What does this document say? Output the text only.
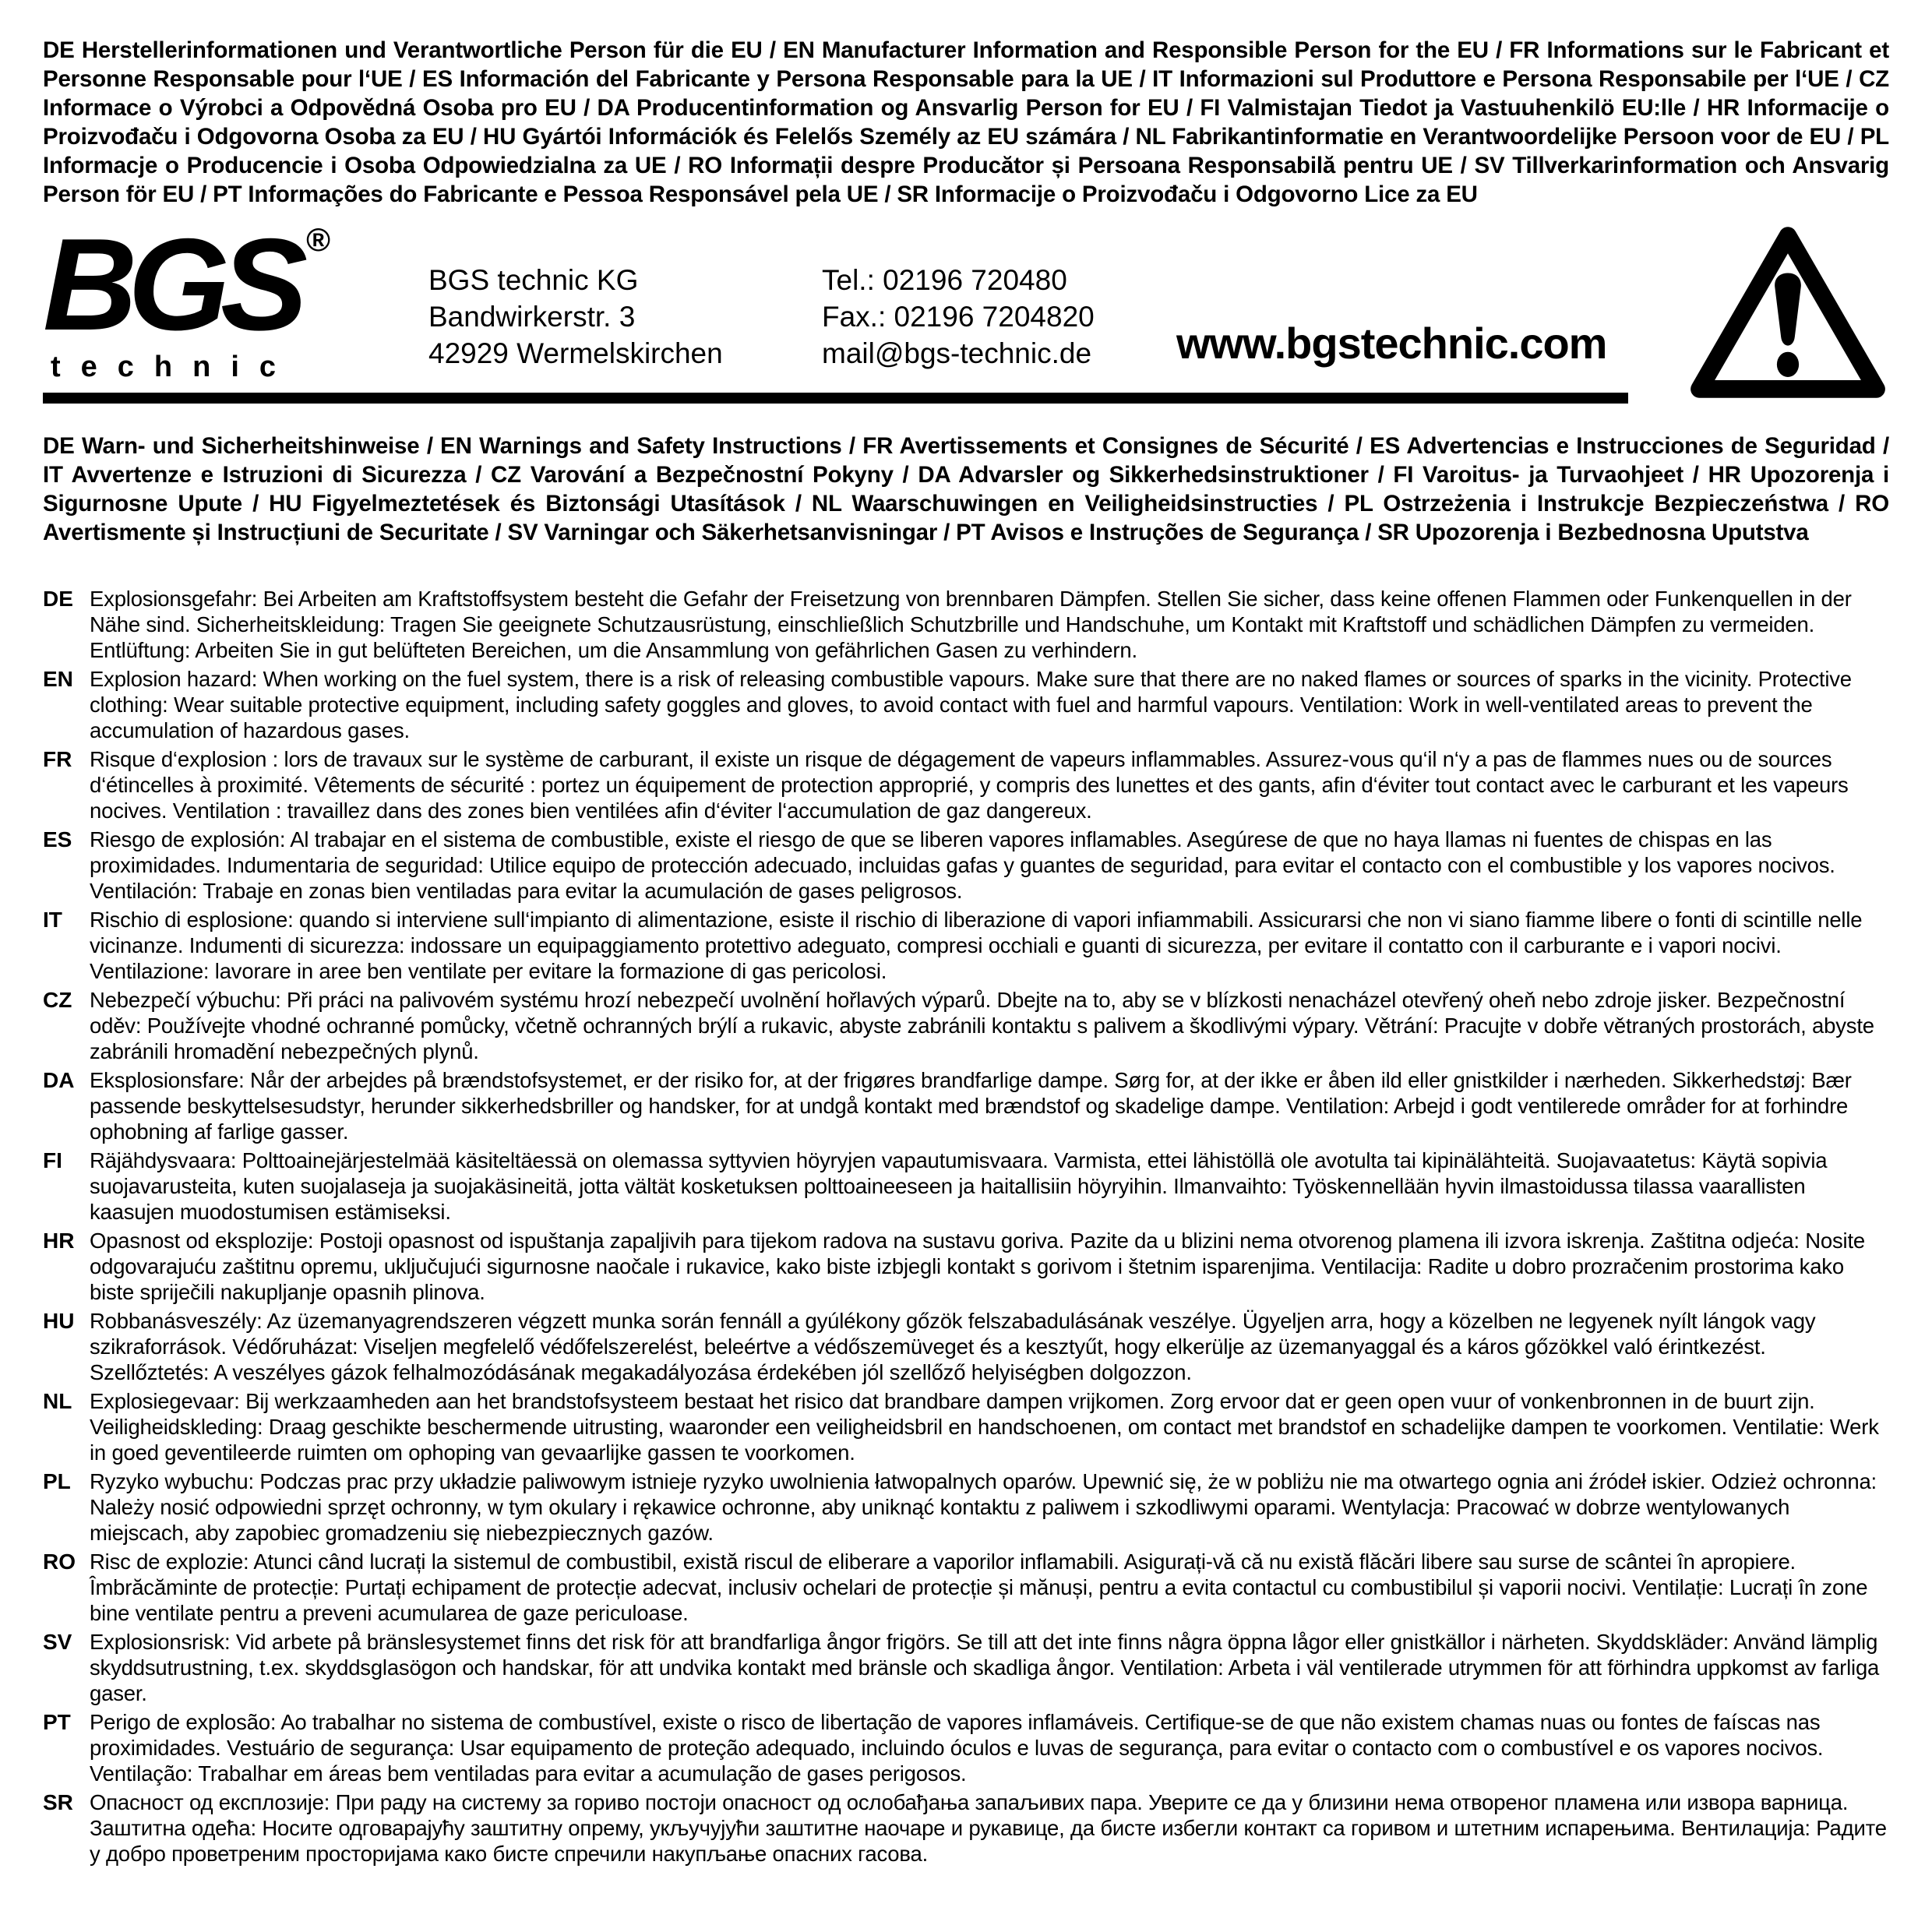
DE Herstellerinformationen und Verantwortliche Person für die EU / EN Manufacturer Information and Responsible Person for the EU / FR Informations sur le Fabricant et Personne Responsable pour l‘UE / ES Información del Fabricante y Persona Responsable para la UE / IT Informazioni sul Produttore e Persona Responsabile per l‘UE / CZ Informace o Výrobci a Odpovědná Osoba pro EU / DA Producentinformation og Ansvarlig Person for EU / FI Valmistajan Tiedot ja Vastuuhenkilö EU:lle / HR Informacije o Proizvođaču i Odgovorna Osoba za EU / HU Gyártói Információk és Felelős Személy az EU számára / NL Fabrikantinformatie en Verantwoordelijke Persoon voor de EU / PL Informacje o Producencie i Osoba Odpowiedzialna za UE / RO Informații despre Producător și Persoana Responsabilă pentru UE / SV Tillverkarinformation och Ansvarig Person för EU / PT Informações do Fabricante e Pessoa Responsável pela UE / SR Informacije o Proizvođaču i Odgovorno Lice za EU
BGS ®
technic
BGS technic KG
Bandwirkerstr. 3
42929 Wermelskirchen
Tel.: 02196 720480
Fax.: 02196 7204820
mail@bgs-technic.de www.bgstechnic.com
DE Warn- und Sicherheitshinweise / EN Warnings and Safety Instructions / FR Avertissements et Consignes de Sécurité / ES Advertencias e Instrucciones de Seguridad / IT Avvertenze e Istruzioni di Sicurezza / CZ Varování a Bezpečnostní Pokyny / DA Advarsler og Sikkerhedsinstruktioner / FI Varoitus- ja Turvaohjeet / HR Upozorenja i Sigurnosne Upute / HU Figyelmeztetések és Biztonsági Utasítások / NL Waarschuwingen en Veiligheidsinstructies / PL Ostrzeżenia i Instrukcje Bezpieczeństwa / RO Avertismente și Instrucțiuni de Securitate / SV Varningar och Säkerhetsanvisningar / PT Avisos e Instruções de Segurança / SR Upozorenja i Bezbednosna Uputstva
DE Explosionsgefahr: Bei Arbeiten am Kraftstoffsystem besteht die Gefahr der Freisetzung von brennbaren Dämpfen. Stellen Sie sicher, dass keine offenen Flammen oder Funkenquellen in der Nähe sind. Sicherheitskleidung: Tragen Sie geeignete Schutzausrüstung, einschließlich Schutzbrille und Handschuhe, um Kontakt mit Kraftstoff und schädlichen Dämpfen zu vermeiden. Entlüftung: Arbeiten Sie in gut belüfteten Bereichen, um die Ansammlung von gefährlichen Gasen zu verhindern.
EN Explosion hazard: When working on the fuel system, there is a risk of releasing combustible vapours. Make sure that there are no naked flames or sources of sparks in the vicinity. Protective clothing: Wear suitable protective equipment, including safety goggles and gloves, to avoid contact with fuel and harmful vapours. Ventilation: Work in well-ventilated areas to prevent the accumulation of hazardous gases.
FR Risque d‘explosion : lors de travaux sur le système de carburant, il existe un risque de dégagement de vapeurs inflammables. Assurez-vous qu‘il n‘y a pas de flammes nues ou de sources d‘étincelles à proximité. Vêtements de sécurité : portez un équipement de protection approprié, y compris des lunettes et des gants, afin d‘éviter tout contact avec le carburant et les vapeurs nocives. Ventilation : travaillez dans des zones bien ventilées afin d‘éviter l‘accumulation de gaz dangereux.
ES Riesgo de explosión: Al trabajar en el sistema de combustible, existe el riesgo de que se liberen vapores inflamables. Asegúrese de que no haya llamas ni fuentes de chispas en las proximidades. Indumentaria de seguridad: Utilice equipo de protección adecuado, incluidas gafas y guantes de seguridad, para evitar el contacto con el combustible y los vapores nocivos. Ventilación: Trabaje en zonas bien ventiladas para evitar la acumulación de gases peligrosos.
IT	Rischio di esplosione: quando si interviene sull‘impianto di alimentazione, esiste il rischio di liberazione di vapori infiammabili. Assicurarsi che non vi siano fiamme libere o fonti di scintille nelle vicinanze. Indumenti di sicurezza: indossare un equipaggiamento protettivo adeguato, compresi occhiali e guanti di sicurezza, per evitare il contatto con il carburante e i vapori nocivi. Ventilazione: lavorare in aree ben ventilate per evitare la formazione di gas pericolosi.
CZ Nebezpečí výbuchu: Při práci na palivovém systému hrozí nebezpečí uvolnění hořlavých výparů. Dbejte na to, aby se v blízkosti nenacházel otevřený oheň nebo zdroje jisker. Bezpečnostní oděv: Používejte vhodné ochranné pomůcky, včetně ochranných brýlí a rukavic, abyste zabránili kontaktu s palivem a škodlivými výpary. Větrání: Pracujte v dobře větraných prostorách, abyste zabránili hromadění nebezpečných plynů.
DA Eksplosionsfare: Når der arbejdes på brændstofsystemet, er der risiko for, at der frigøres brandfarlige dampe. Sørg for, at der ikke er åben ild eller gnistkilder i nærheden. Sikkerhedstøj: Bær passende beskyttelsesudstyr, herunder sikkerhedsbriller og handsker, for at undgå kontakt med brændstof og skadelige dampe. Ventilation: Arbejd i godt ventilerede områder for at forhindre ophobning af farlige gasser.
FI	Räjähdysvaara: Polttoainejärjestelmää käsiteltäessä on olemassa syttyvien höyryjen vapautumisvaara. Varmista, ettei lähistöllä ole avotulta tai kipinälähteitä. Suojavaatetus: Käytä sopivia suojavarusteita, kuten suojalaseja ja suojakäsineitä, jotta vältät kosketuksen polttoaineeseen ja haitallisiin höyryihin. Ilmanvaihto: Työskennellään hyvin ilmastoidussa tilassa vaarallisten kaasujen muodostumisen estämiseksi.
HR Opasnost od eksplozije: Postoji opasnost od ispuštanja zapaljivih para tijekom radova na sustavu goriva. Pazite da u blizini nema otvorenog plamena ili izvora iskrenja. Zaštitna odjeća: Nosite odgovarajuću zaštitnu opremu, uključujući sigurnosne naočale i rukavice, kako biste izbjegli kontakt s gorivom i štetnim isparenjima. Ventilacija: Radite u dobro prozračenim prostorima kako biste spriječili nakupljanje opasnih plinova.
HU Robbanásveszély: Az üzemanyagrendszeren végzett munka során fennáll a gyúlékony gőzök felszabadulásának veszélye. Ügyeljen arra, hogy a közelben ne legyenek nyílt lángok vagy szikraforrások. Védőruházat: Viseljen megfelelő védőfelszerelést, beleértve a védőszemüveget és a kesztyűt, hogy elkerülje az üzemanyaggal és a káros gőzökkel való érintkezést. Szellőztetés: A veszélyes gázok felhalmozódásának megakadályozása érdekében jól szellőző helyiségben dolgozzon.
NL Explosiegevaar: Bij werkzaamheden aan het brandstofsysteem bestaat het risico dat brandbare dampen vrijkomen. Zorg ervoor dat er geen open vuur of vonkenbronnen in de buurt zijn. Veiligheidskleding: Draag geschikte beschermende uitrusting, waaronder een veiligheidsbril en handschoenen, om contact met brandstof en schadelijke dampen te voorkomen. Ventilatie: Werk in goed geventileerde ruimten om ophoping van gevaarlijke gassen te voorkomen.
PL Ryzyko wybuchu: Podczas prac przy układzie paliwowym istnieje ryzyko uwolnienia łatwopalnych oparów. Upewnić się, że w pobliżu nie ma otwartego ognia ani źródeł iskier. Odzież ochronna: Należy nosić odpowiedni sprzęt ochronny, w tym okulary i rękawice ochronne, aby uniknąć kontaktu z paliwem i szkodliwymi oparami. Wentylacja: Pracować w dobrze wentylowanych miejscach, aby zapobiec gromadzeniu się niebezpiecznych gazów.
RO Risc de explozie: Atunci când lucrați la sistemul de combustibil, există riscul de eliberare a vaporilor inflamabili. Asigurați-vă că nu există flăcări libere sau surse de scântei în apropiere. Îmbrăcăminte de protecție: Purtați echipament de protecție adecvat, inclusiv ochelari de protecție și mănuși, pentru a evita contactul cu combustibilul și vaporii nocivi. Ventilație: Lucrați în zone bine ventilate pentru a preveni acumularea de gaze periculoase.
SV Explosionsrisk: Vid arbete på bränslesystemet finns det risk för att brandfarliga ångor frigörs. Se till att det inte finns några öppna lågor eller gnistkällor i närheten. Skyddskläder: Använd lämplig skyddsutrustning, t.ex. skyddsglasögon och handskar, för att undvika kontakt med bränsle och skadliga ångor. Ventilation: Arbeta i väl ventilerade utrymmen för att förhindra uppkomst av farliga gaser.
PT Perigo de explosão: Ao trabalhar no sistema de combustível, existe o risco de libertação de vapores inflamáveis. Certifique-se de que não existem chamas nuas ou fontes de faíscas nas proximidades. Vestuário de segurança: Usar equipamento de proteção adequado, incluindo óculos e luvas de segurança, para evitar o contacto com o combustível e os vapores nocivos. Ventilação: Trabalhar em áreas bem ventiladas para evitar a acumulação de gases perigosos.
SR Опасност од експлозије: При раду на систему за гориво постоји опасност од ослобађања запаљивих пара. Уверите се да у близини нема отвореног пламена или извора варница. Заштитна одећа: Носите одговарајућу заштитну опрему, укључујући заштитне наочаре и рукавице, да бисте избегли контакт са горивом и штетним испарењима. Вентилација: Радите у добро проветреним просторијама како бисте спречили накупљање опасних гасова.
